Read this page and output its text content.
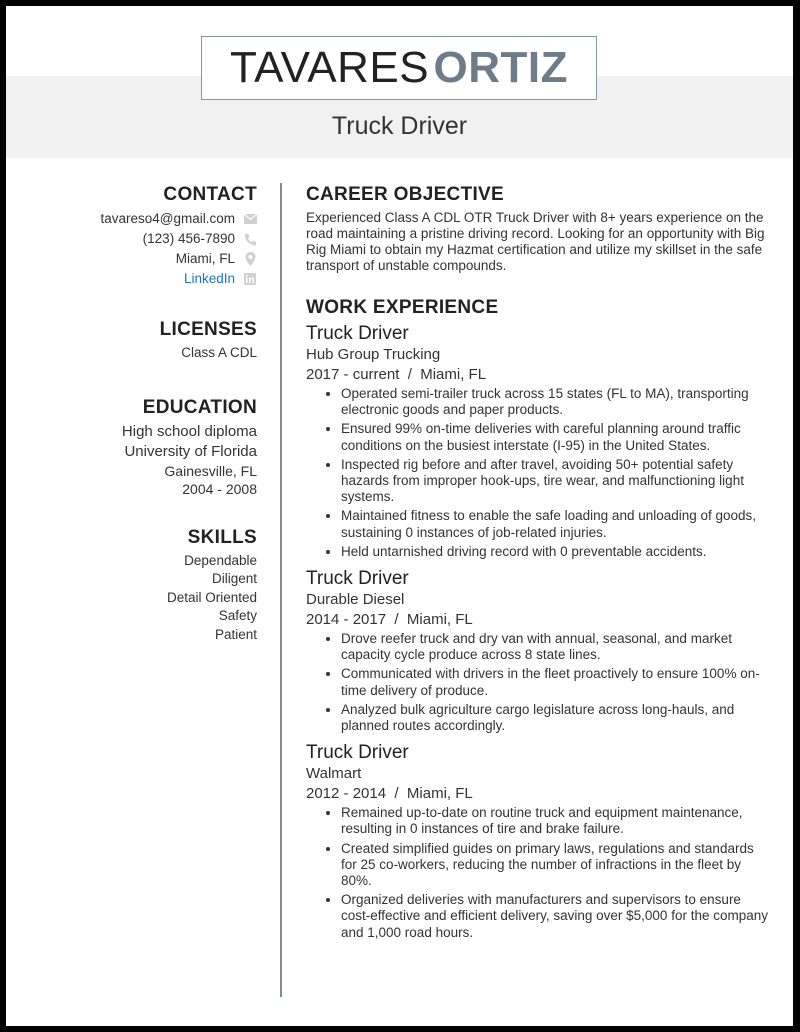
TAVARES ORTIZ
Truck Driver
CONTACT
tavareso4@gmail.com
(123) 456-7890
Miami, FL
LinkedIn
LICENSES
Class A CDL
EDUCATION
High school diploma
University of Florida
Gainesville, FL
2004 - 2008
SKILLS
Dependable
Diligent
Detail Oriented
Safety
Patient
CAREER OBJECTIVE

Experienced Class A CDL OTR Truck Driver with 8+ years experience on the road maintaining a pristine driving record. Looking for an opportunity with Big Rig Miami to obtain my Hazmat certification and utilize my skillset in the safe transport of unstable compounds.

WORK EXPERIENCE
Truck Driver
Hub Group Trucking
2017 - current  /  Miami, FL
• Operated semi-trailer truck across 15 states (FL to MA), transporting electronic goods and paper products.
• Ensured 99% on-time deliveries with careful planning around traffic conditions on the busiest interstate (I-95) in the United States.
• Inspected rig before and after travel, avoiding 50+ potential safety hazards from improper hook-ups, tire wear, and malfunctioning light systems.
• Maintained fitness to enable the safe loading and unloading of goods, sustaining 0 instances of job-related injuries.
• Held untarnished driving record with 0 preventable accidents.
Truck Driver
Durable Diesel
2014 - 2017  /  Miami, FL
• Drove reefer truck and dry van with annual, seasonal, and market capacity cycle produce across 8 state lines.
• Communicated with drivers in the fleet proactively to ensure 100% on-time delivery of produce.
• Analyzed bulk agriculture cargo legislature across long-hauls, and planned routes accordingly.
Truck Driver
Walmart
2012 - 2014  /  Miami, FL
• Remained up-to-date on routine truck and equipment maintenance, resulting in 0 instances of tire and brake failure.
• Created simplified guides on primary laws, regulations and standards for 25 co-workers, reducing the number of infractions in the fleet by 80%.
• Organized deliveries with manufacturers and supervisors to ensure cost-effective and efficient delivery, saving over $5,000 for the company and 1,000 road hours.
